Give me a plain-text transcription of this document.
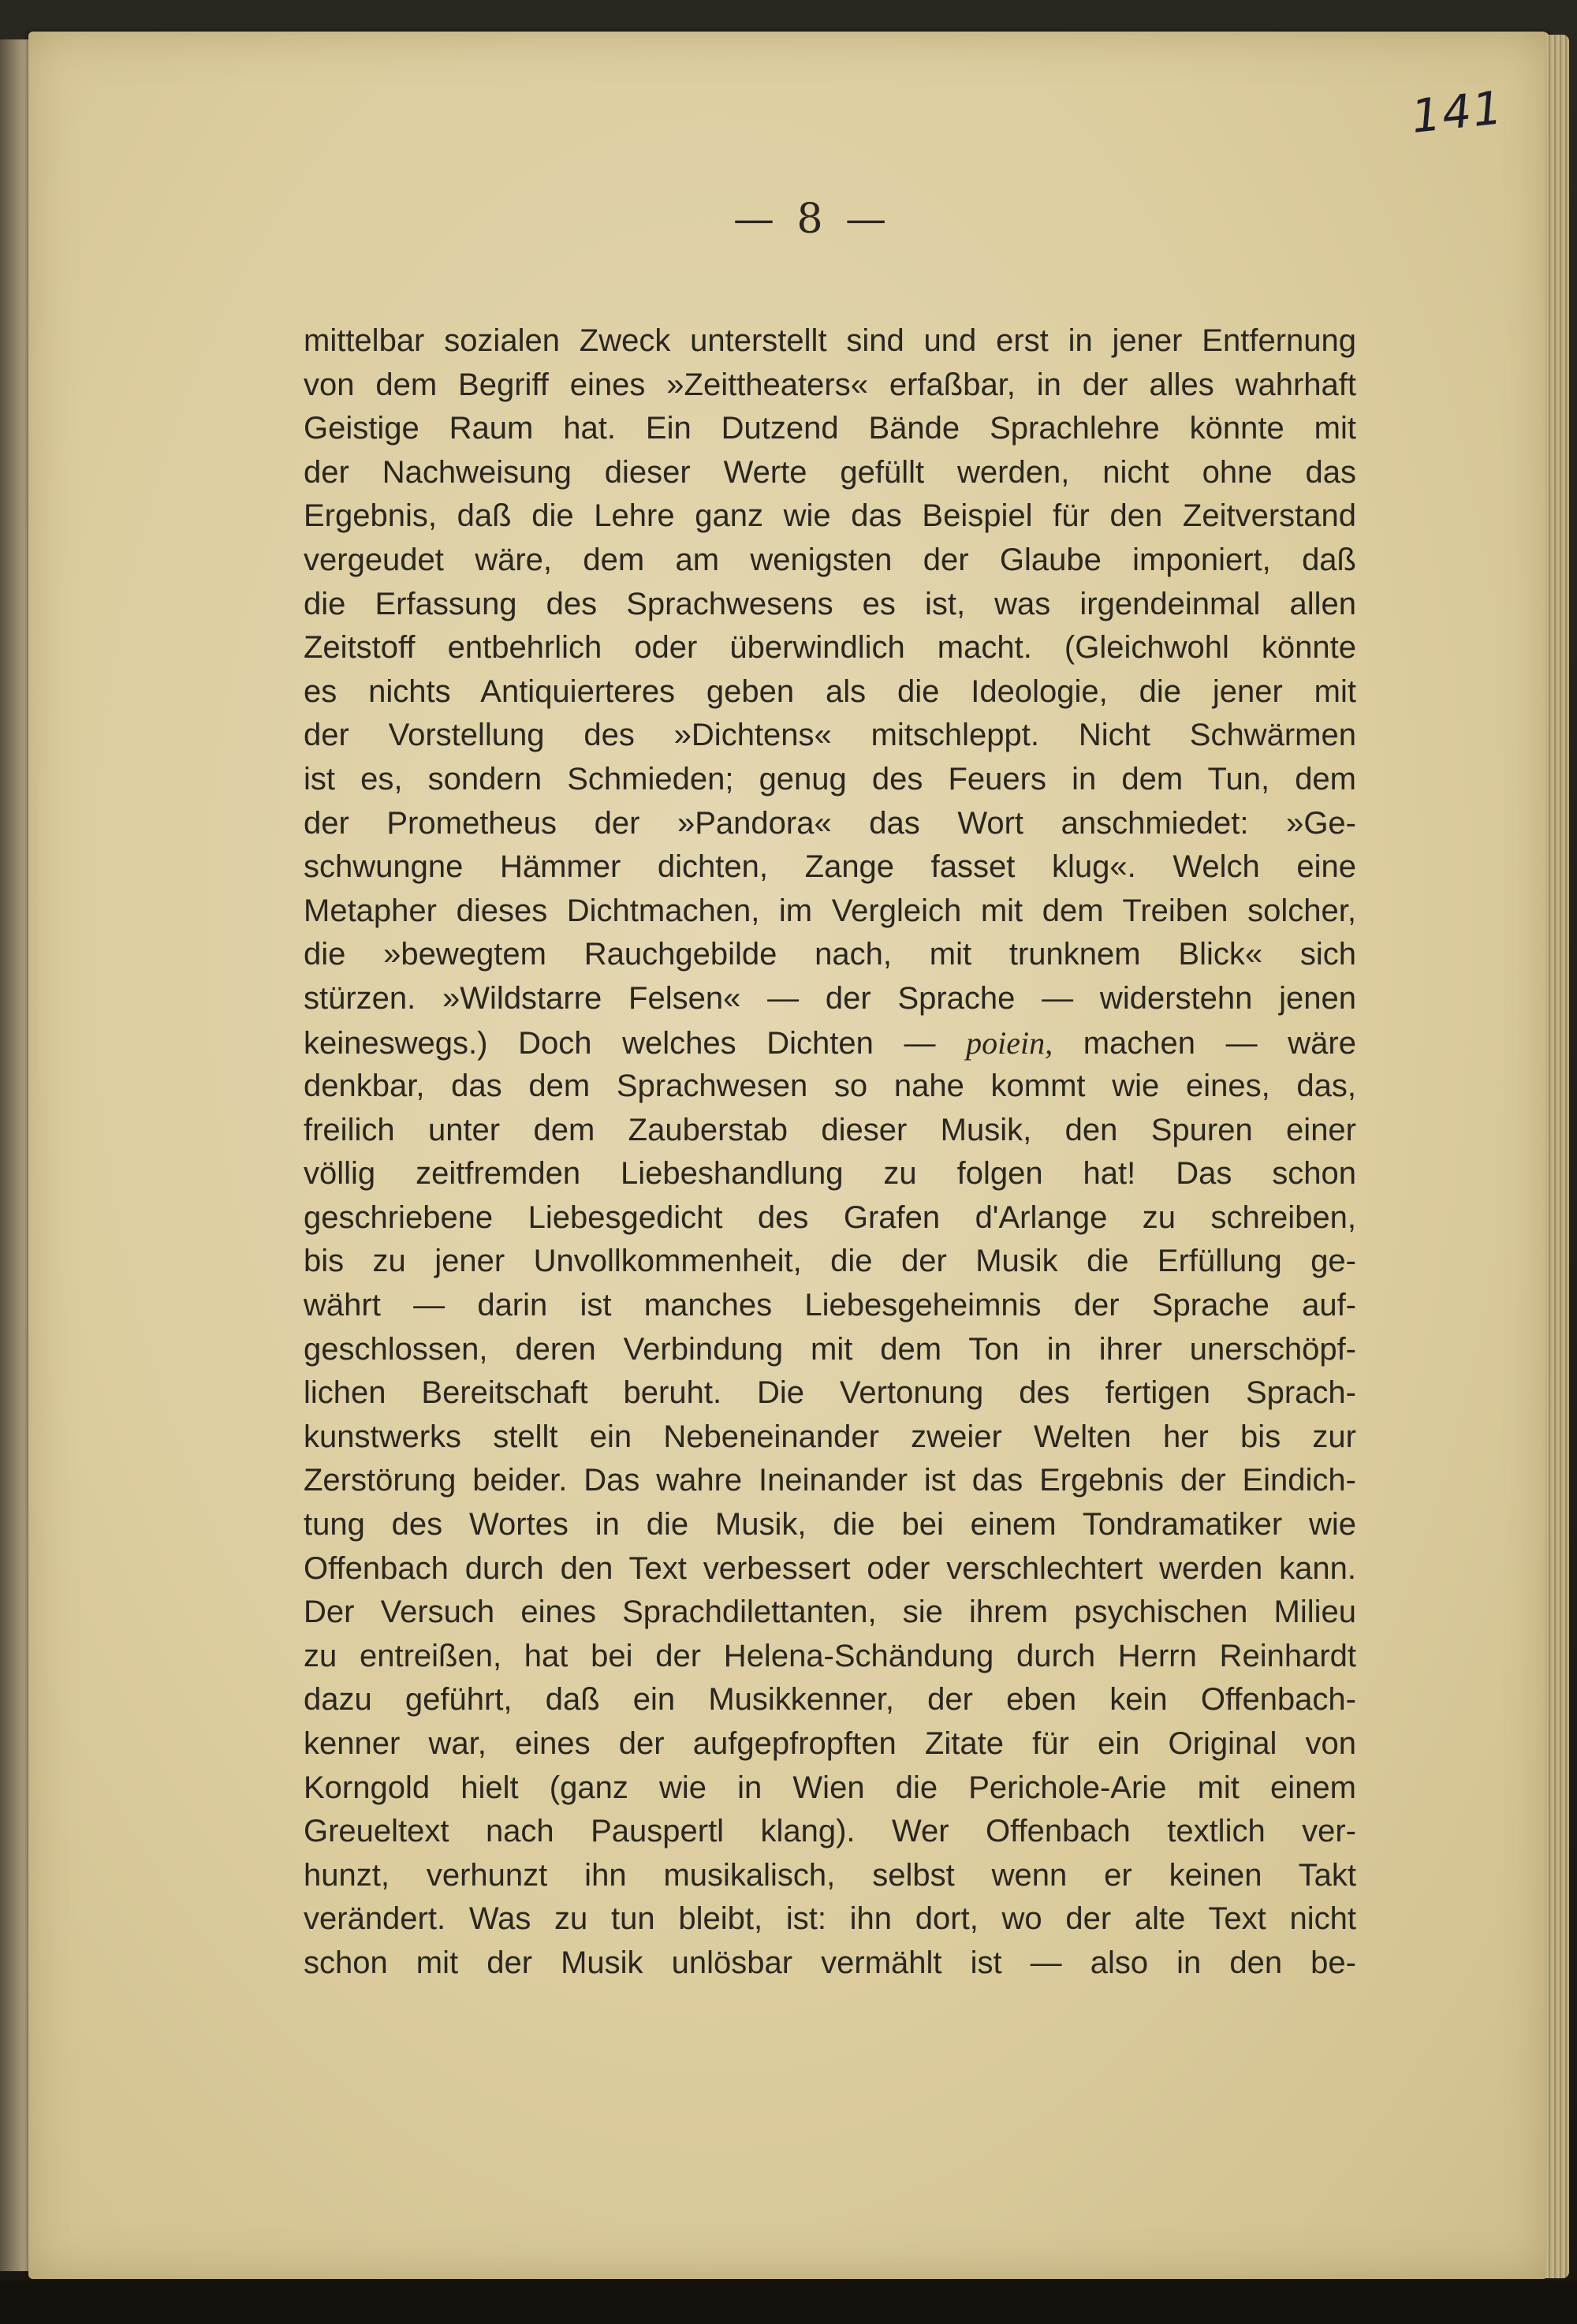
141
— 8 —
mittelbar sozialen Zweck unterstellt sind und erst in jener Entfernung
von dem Begriff eines »Zeittheaters« erfaßbar, in der alles wahrhaft
Geistige Raum hat. Ein Dutzend Bände Sprachlehre könnte mit
der Nachweisung dieser Werte gefüllt werden, nicht ohne das
Ergebnis, daß die Lehre ganz wie das Beispiel für den Zeitverstand
vergeudet wäre, dem am wenigsten der Glaube imponiert, daß
die Erfassung des Sprachwesens es ist, was irgendeinmal allen
Zeitstoff entbehrlich oder überwindlich macht. (Gleichwohl könnte
es nichts Antiquierteres geben als die Ideologie, die jener mit
der Vorstellung des »Dichtens« mitschleppt. Nicht Schwärmen
ist es, sondern Schmieden; genug des Feuers in dem Tun, dem
der Prometheus der »Pandora« das Wort anschmiedet: »Ge-
schwungne Hämmer dichten, Zange fasset klug«. Welch eine
Metapher dieses Dichtmachen, im Vergleich mit dem Treiben solcher,
die »bewegtem Rauchgebilde nach, mit trunknem Blick« sich
stürzen. »Wildstarre Felsen« — der Sprache — widerstehn jenen
keineswegs.) Doch welches Dichten — poiein, machen — wäre
denkbar, das dem Sprachwesen so nahe kommt wie eines, das,
freilich unter dem Zauberstab dieser Musik, den Spuren einer
völlig zeitfremden Liebeshandlung zu folgen hat! Das schon
geschriebene Liebesgedicht des Grafen d'Arlange zu schreiben,
bis zu jener Unvollkommenheit, die der Musik die Erfüllung ge-
währt — darin ist manches Liebesgeheimnis der Sprache auf-
geschlossen, deren Verbindung mit dem Ton in ihrer unerschöpf-
lichen Bereitschaft beruht. Die Vertonung des fertigen Sprach-
kunstwerks stellt ein Nebeneinander zweier Welten her bis zur
Zerstörung beider. Das wahre Ineinander ist das Ergebnis der Eindich-
tung des Wortes in die Musik, die bei einem Tondramatiker wie
Offenbach durch den Text verbessert oder verschlechtert werden kann.
Der Versuch eines Sprachdilettanten, sie ihrem psychischen Milieu
zu entreißen, hat bei der Helena-Schändung durch Herrn Reinhardt
dazu geführt, daß ein Musikkenner, der eben kein Offenbach-
kenner war, eines der aufgepfropften Zitate für ein Original von
Korngold hielt (ganz wie in Wien die Perichole-Arie mit einem
Greueltext nach Pauspertl klang). Wer Offenbach textlich ver-
hunzt, verhunzt ihn musikalisch, selbst wenn er keinen Takt
verändert. Was zu tun bleibt, ist: ihn dort, wo der alte Text nicht
schon mit der Musik unlösbar vermählt ist — also in den be-
